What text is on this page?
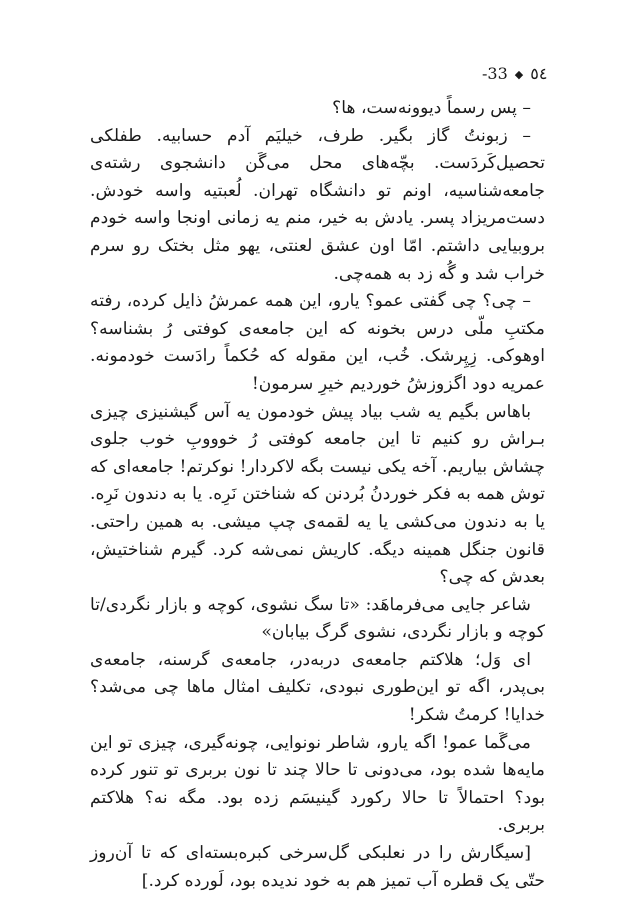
-33 ◆ ٥٤

– پس رسماً دیوونه‌ست، ها؟

– زبونتُ گاز بگیر. طرف، خیلیَم آدم حسابیه. طفلکی تحصیل‌کَردَست. بچّه‌های محل می‌گَن دانشجوی رشته‌ی جامعه‌شناسیه، اونم تو دانشگاه تهران. لُعبتیه واسه خودش. دست‌مریزاد پسر. یادش به خیر، منم یه زمانی اونجا واسه خودم بروبیایی داشتم. امّا اون عشق لعنتی، یهو مثل بختک رو سرم خراب شد و گُه زد به همه‌چی.

– چی؟ چی گفتی عمو؟ یارو، این همه عمرشُ ذایل کرده، رفته مکتبِ ملّی درس بخونه که این جامعه‌ی کوفتی رُ بشناسه؟ اوهوکی. زِپِرشک. خُب، این مقوله که حُکماً رادَست خودمونه. عمریه دود اگزوزشُ خوردیم خیرِ سرمون!

باهاس بگیم یه شب بیاد پیش خودمون یه آس گیشنیزی چیزی بـراش رو کنیم تا این جامعه کوفتی رُ خوووبِ خوب جلوی چشاش بیاریم. آخه یکی نیست بگه لاکردار! نوکرتم! جامعه‌ای که توش همه به فکر خوردنُ بُردنن که شناختن نَرِه. یا به دندون نَرِه. یا به دندون می‌کشی یا یه لقمه‌ی چپ میشی. به همین راحتی. قانون جنگل همینه دیگه. کاریش نمی‌شه کرد. گیرم شناختیش، بعدش که چی؟

شاعر جایی می‌فرماهَد: «تا سگ نشوی، کوچه و بازار نگردی/تا کوچه و بازار نگردی، نشوی گرگ بیابان»

ای وَل؛ هلاکتم جامعه‌ی دربه‌در، جامعه‌ی گرسنه، جامعه‌ی بی‌پدر، اگه تو این‌طوری نبودی، تکلیف امثال ماها چی می‌شد؟ خدایا! کرمتُ شکر!

می‌گَما عمو! اگه یارو، شاطر نونوایی، چونه‌گیری، چیزی تو این مایه‌ها شده بود، می‌دونی تا حالا چند تا نون بربری تو تنور کرده بود؟ احتمالاً تا حالا رکورد گینیسَم زده بود. مگه نه؟ هلاکتم بربری.

[سیگارش را در نعلبکی گل‌سرخی کبره‌بسته‌ای که تا آن‌روز حتّی یک قطره آب تمیز هم به خود ندیده بود، لَورده کرد.]
